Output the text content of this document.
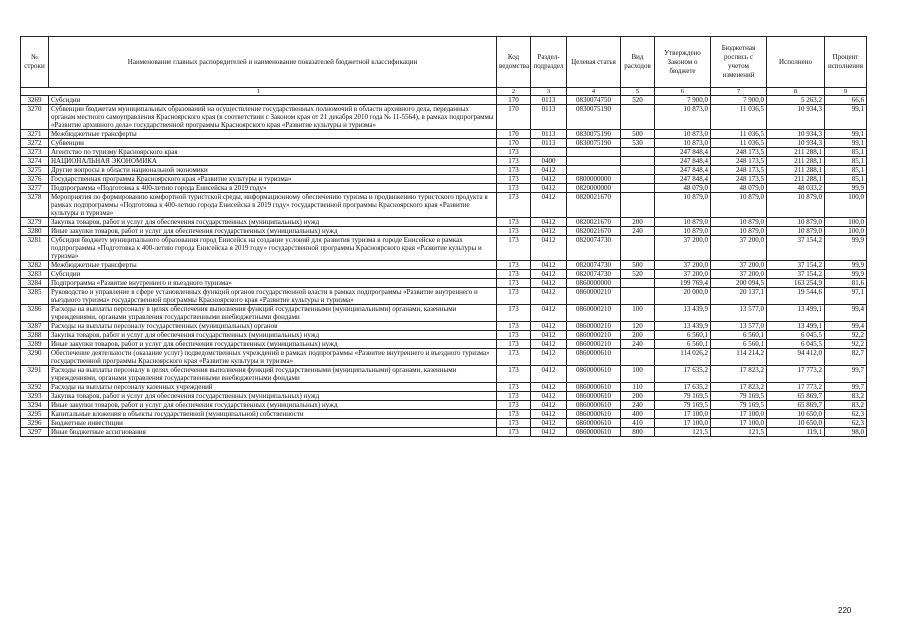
№ строки	Наименование главных распорядителей и наименование показателей бюджетной классификации	Код ведомства	Раздел-подраздел	Целевая статья	Вид расходов	Утверждено Законом о бюджете	Бюджетная роспись с учетом изменений	Исполнено	Процент исполнения
1		2	3	4	5	6	7	8	9
3269	Субсидии	170	0113	0830074750	520	7 900,0	7 900,0	5 263,2	66,6
3270	Субвенции бюджетам муниципальных образований на осуществление государственных полномочий в области архивного дела, переданных органам местного самоуправления Красноярского края (в соответствии с Законом края от 21 декабря 2010 года № 11-5564), в рамках подпрограммы «Развитие архивного дела» государственной программы Красноярского края «Развитие культуры и туризма»	170	0113	0830075190		10 873,0	11 036,5	10 934,3	99,1
3271	Межбюджетные трансферты	170	0113	0830075190	500	10 873,0	11 036,5	10 934,3	99,1
3272	Субвенции	170	0113	0830075190	530	10 873,0	11 036,5	10 934,3	99,1
3273	Агентство по туризму Красноярского края	173				247 848,4	248 173,5	211 288,1	85,1
3274	НАЦИОНАЛЬНАЯ ЭКОНОМИКА	173	0400			247 848,4	248 173,5	211 288,1	85,1
3275	Другие вопросы в области национальной экономики	173	0412			247 848,4	248 173,5	211 288,1	85,1
3276	Государственная программа Красноярского края «Развитие культуры и туризма»	173	0412	0800000000		247 848,4	248 173,5	211 288,1	85,1
3277	Подпрограмма «Подготовка к 400-летию города Енисейска в 2019 году»	173	0412	0820000000		48 079,0	48 079,0	48 033,2	99,9
3278	Мероприятия по формированию комфортной туристской среды, информационному обеспечению туризма и продвижению туристского продукта в рамках подпрограммы «Подготовка к 400-летию города Енисейска в 2019 году» государственной программы Красноярского края «Развитие культуры и туризма»	173	0412	0820021670		10 879,0	10 879,0	10 879,0	100,0
3279	Закупка товаров, работ и услуг для обеспечения государственных (муниципальных) нужд	173	0412	0820021670	200	10 879,0	10 879,0	10 879,0	100,0
3280	Иные закупки товаров, работ и услуг для обеспечения государственных (муниципальных) нужд	173	0412	0820021670	240	10 879,0	10 879,0	10 879,0	100,0
3281	Субсидия бюджету муниципального образования город Енисейск на создание условий для развития туризма в городе Енисейске в рамках подпрограммы «Подготовка к 400-летию города Енисейска в 2019 году» государственной программы Красноярского края «Развитие культуры и туризма»	173	0412	0820074730		37 200,0	37 200,0	37 154,2	99,9
3282	Межбюджетные трансферты	173	0412	0820074730	500	37 200,0	37 200,0	37 154,2	99,9
3283	Субсидии	173	0412	0820074730	520	37 200,0	37 200,0	37 154,2	99,9
3284	Подпрограмма «Развитие внутреннего и въездного туризма»	173	0412	0860000000		199 769,4	200 094,5	163 254,9	81,6
3285	Руководство и управление в сфере установленных функций органов государственной власти в рамках подпрограммы «Развитие внутреннего и въездного туризма» государственной программы Красноярского края «Развитие культуры и туризма»	173	0412	0860000210		20 000,0	20 137,1	19 544,6	97,1
3286	Расходы на выплаты персоналу в целях обеспечения выполнения функций государственными (муниципальными) органами, казенными учреждениями, органами управления государственными внебюджетными фондами	173	0412	0860000210	100	13 439,9	13 577,0	13 499,1	99,4
3287	Расходы на выплаты персоналу государственных (муниципальных) органов	173	0412	0860000210	120	13 439,9	13 577,0	13 499,1	99,4
3288	Закупка товаров, работ и услуг для обеспечения государственных (муниципальных) нужд	173	0412	0860000210	200	6 560,1	6 560,1	6 045,5	92,2
3289	Иные закупки товаров, работ и услуг для обеспечения государственных (муниципальных) нужд	173	0412	0860000210	240	6 560,1	6 560,1	6 045,5	92,2
3290	Обеспечение деятельности (оказание услуг) подведомственных учреждений в рамках подпрограммы «Развитие внутреннего и въездного туризма» государственной программы Красноярского края «Развитие культуры и туризма»	173	0412	0860000610		114 026,2	114 214,2	94 412,0	82,7
3291	Расходы на выплаты персоналу в целях обеспечения выполнения функций государственными (муниципальными) органами, казенными учреждениями, органами управления государственными внебюджетными фондами	173	0412	0860000610	100	17 635,2	17 823,2	17 773,2	99,7
3292	Расходы на выплаты персоналу казенных учреждений	173	0412	0860000610	110	17 635,2	17 823,2	17 773,2	99,7
3293	Закупка товаров, работ и услуг для обеспечения государственных (муниципальных) нужд	173	0412	0860000610	200	79 169,5	79 169,5	65 869,7	83,2
3294	Иные закупки товаров, работ и услуг для обеспечения государственных (муниципальных) нужд	173	0412	0860000610	240	79 169,5	79 169,5	65 869,7	83,2
3295	Капитальные вложения в объекты государственной (муниципальной) собственности	173	0412	0860000610	400	17 100,0	17 100,0	10 650,0	62,3
3296	Бюджетные инвестиции	173	0412	0860000610	410	17 100,0	17 100,0	10 650,0	62,3
3297	Иные бюджетные ассигнования	173	0412	0860000610	800	121,5	121,5	119,1	98,0
220
